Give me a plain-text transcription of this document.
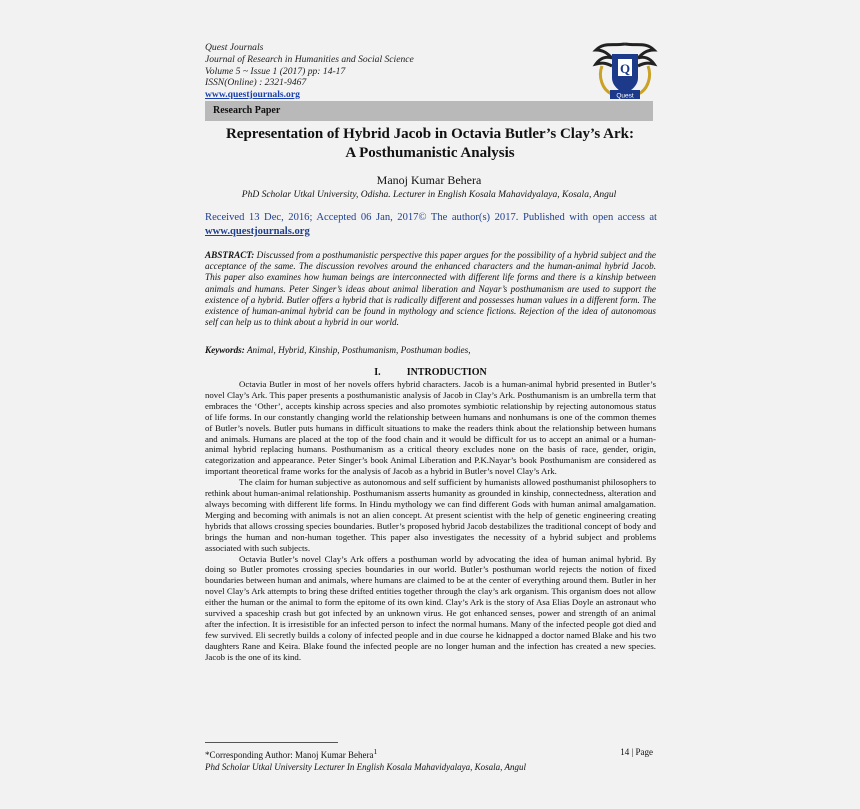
Quest Journals
Journal of Research in Humanities and Social Science
Volume 5 ~ Issue 1 (2017) pp: 14-17
ISSN(Online) : 2321-9467
www.questjournals.org
Q
Quest
Research Paper
Representation of Hybrid Jacob in Octavia Butler’s Clay’s Ark:
A Posthumanistic Analysis
Manoj Kumar Behera
PhD Scholar Utkal University, Odisha. Lecturer in English Kosala Mahavidyalaya, Kosala, Angul
Received 13 Dec, 2016; Accepted 06 Jan, 2017© The author(s) 2017. Published with open access at www.questjournals.org
ABSTRACT: Discussed from a posthumanistic perspective this paper argues for the possibility of a hybrid subject and the acceptance of the same. The discussion revolves around the enhanced characters and the human-animal hybrid Jacob. This paper also examines how human beings are interconnected with different life forms and there is a kinship between animals and humans. Peter Singer’s ideas about animal liberation and Nayar’s posthumanism are used to support the existence of a hybrid. Butler offers a hybrid that is radically different and possesses human values in a different form. The existence of human-animal hybrid can be found in mythology and science fictions. Rejection of the idea of autonomous self can help us to think about a hybrid in our world.
Keywords: Animal, Hybrid, Kinship, Posthumanism, Posthuman bodies,
I.	INTRODUCTION

Octavia Butler in most of her novels offers hybrid characters. Jacob is a human-animal hybrid presented in Butler’s novel Clay’s Ark. This paper presents a posthumanistic analysis of Jacob in Clay’s Ark. Posthumanism is an umbrella term that embraces the ‘Other’, accepts kinship across species and also promotes symbiotic relationship by rejecting autonomous status of life forms. In our constantly changing world the relationship between humans and nonhumans is one of the common themes of Butler’s novels. Butler puts humans in difficult situations to make the readers think about the relationship between humans and animals. Humans are placed at the top of the food chain and it would be difficult for us to accept an animal or a human-animal hybrid replacing humans. Posthumanism as a critical theory excludes none on the basis of race, gender, origin, categorization and appearance. Peter Singer’s book Animal Liberation and P.K.Nayar’s book Posthumanism are considered as important theoretical frame works for the analysis of Jacob as a hybrid in Butler’s novel Clay’s Ark.

The claim for human subjective as autonomous and self sufficient by humanists allowed posthumanist philosophers to rethink about human-animal relationship. Posthumanism asserts humanity as grounded in kinship, connectedness, alteration and always becoming with different life forms. In Hindu mythology we can find different Gods with human animal amalgamation. Merging and becoming with animals is not an alien concept. At present scientist with the help of genetic engineering creating hybrids that allows crossing species boundaries. Butler’s proposed hybrid Jacob destabilizes the traditional concept of body and brings the human and non-human together. This paper also investigates the necessity of a hybrid subject and problems associated with such subjects.

Octavia Butler’s novel Clay’s Ark offers a posthuman world by advocating the idea of human animal hybrid. By doing so Butler promotes crossing species boundaries in our world. Butler’s posthuman world rejects the notion of fixed boundaries between human and animals, where humans are claimed to be at the center of everything around them. Butler in her novel Clay’s Ark attempts to bring these drifted entities together through the clay’s ark organism. This organism does not allow either the human or the animal to form the epitome of its own kind. Clay’s Ark is the story of Asa Elias Doyle an astronaut who survived a spaceship crash but got infected by an unknown virus. He got enhanced senses, power and strength of an animal after the infection. It is irresistible for an infected person to infect the normal humans. Many of the infected people got died and few survived. Eli secretly builds a colony of infected people and in due course he kidnapped a doctor named Blake and his two daughters Rane and Keira. Blake found the infected people are no longer human and the infection has created a new species. Jacob is the one of its kind.

*Corresponding Author: Manoj Kumar Behera$^1$	14 | Page
Phd Scholar Utkal University Lecturer In English Kosala Mahavidyalaya, Kosala, Angul
